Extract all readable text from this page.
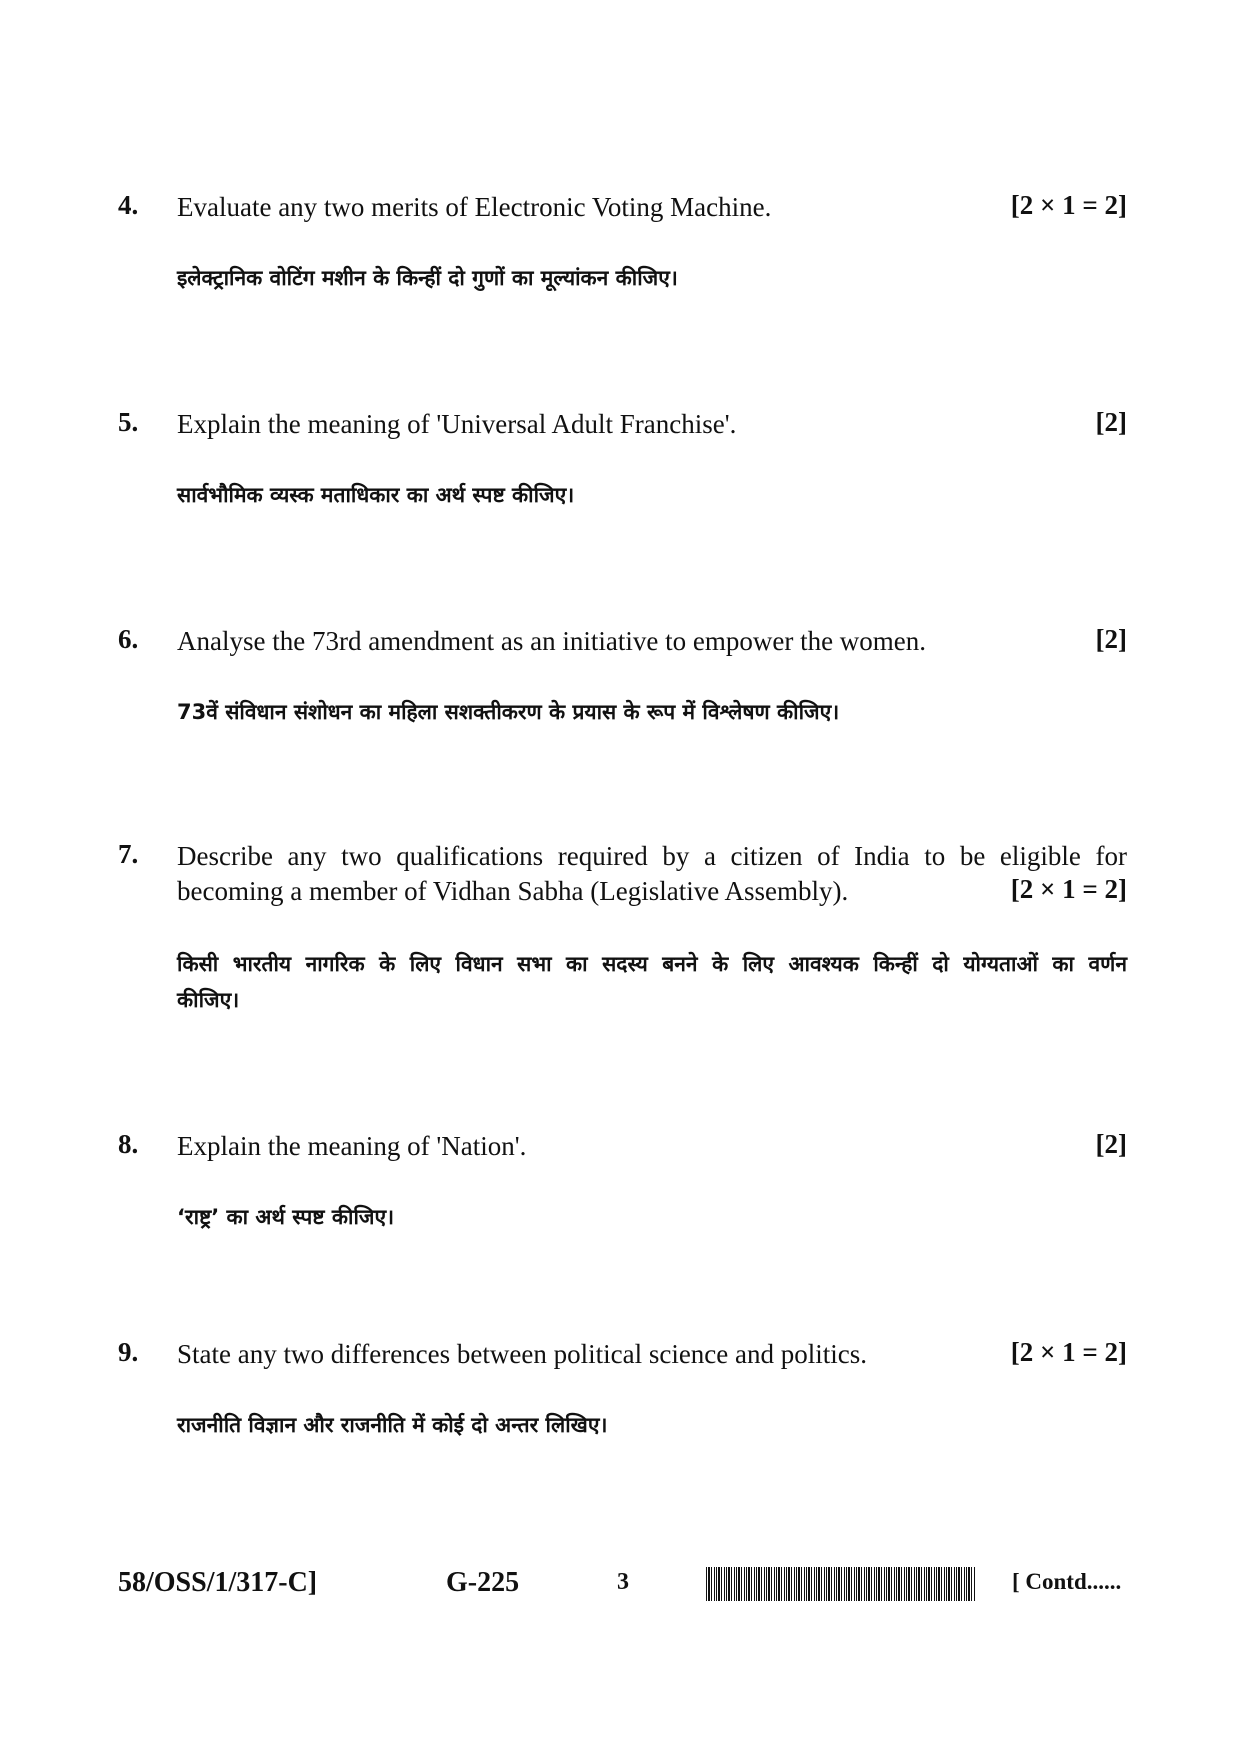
4. Evaluate any two merits of Electronic Voting Machine.	[2 × 1 = 2]
इलेक्ट्रानिक वोटिंग मशीन के किन्हीं दो गुणों का मूल्यांकन कीजिए।
5. Explain the meaning of 'Universal Adult Franchise'.	[2]
सार्वभौमिक व्यस्क मताधिकार का अर्थ स्पष्ट कीजिए।
6. Analyse the 73rd amendment as an initiative to empower the women.	[2]
73वें संविधान संशोधन का महिला सशक्तीकरण के प्रयास के रूप में विश्लेषण कीजिए।
7. Describe any two qualifications required by a citizen of India to be eligible for
becoming a member of Vidhan Sabha (Legislative Assembly).	[2 × 1 = 2]
किसी भारतीय नागरिक के लिए विधान सभा का सदस्य बनने के लिए आवश्यक किन्हीं दो योग्यताओं का वर्णन
कीजिए।
8. Explain the meaning of 'Nation'.	[2]
‘राष्ट्र’ का अर्थ स्पष्ट कीजिए।
9. State any two differences between political science and politics.	[2 × 1 = 2]
राजनीति विज्ञान और राजनीति में कोई दो अन्तर लिखिए।
58/OSS/1/317-C]	G-225	3	[ Contd......
